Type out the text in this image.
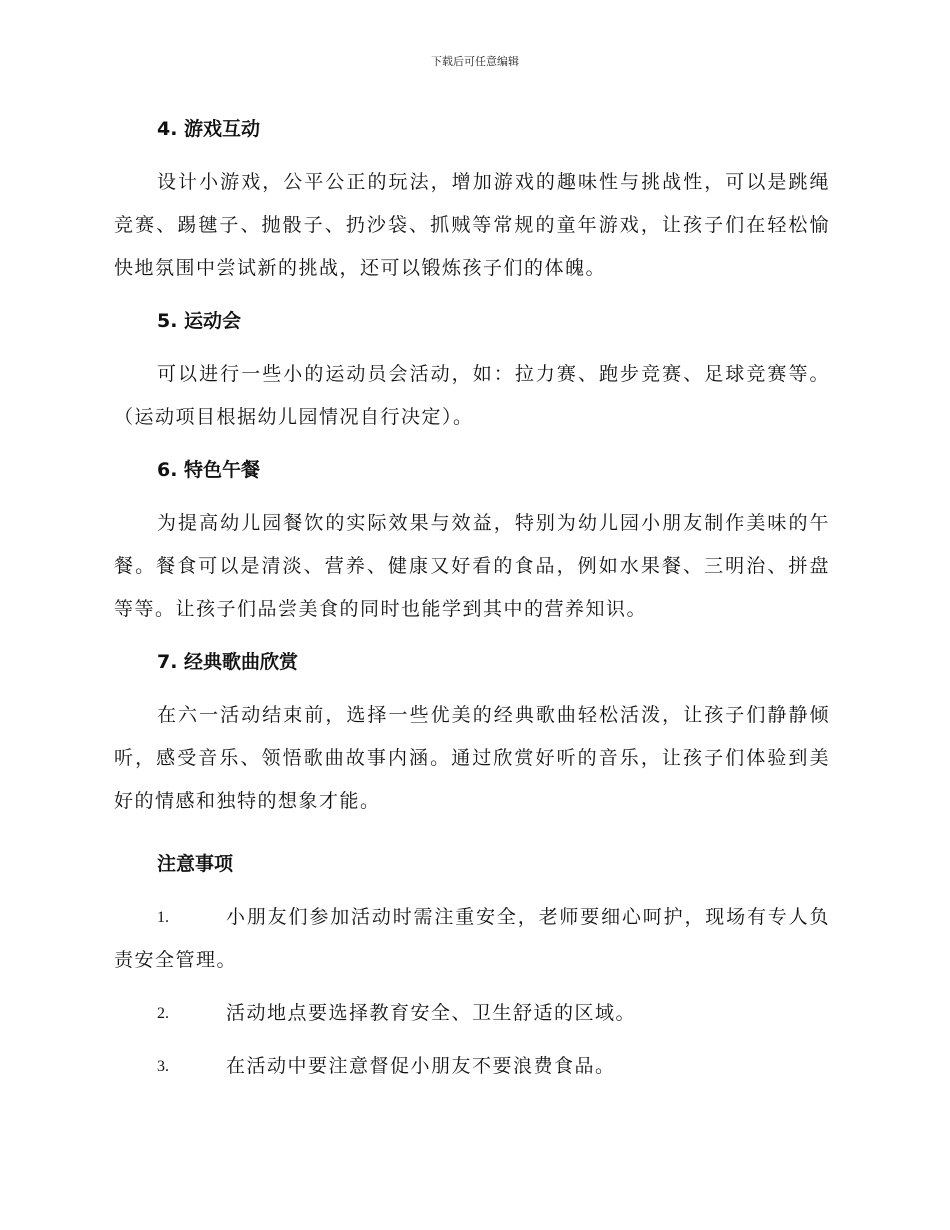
下载后可任意编辑
4. 游戏互动

设计小游戏，公平公正的玩法，增加游戏的趣味性与挑战性，可以是跳绳竞赛、踢毽子、抛骰子、扔沙袋、抓贼等常规的童年游戏，让孩子们在轻松愉快地氛围中尝试新的挑战，还可以锻炼孩子们的体魄。

5. 运动会

可以进行一些小的运动员会活动，如：拉力赛、跑步竞赛、足球竞赛等。（运动项目根据幼儿园情况自行决定）。

6. 特色午餐

为提高幼儿园餐饮的实际效果与效益，特别为幼儿园小朋友制作美味的午餐。餐食可以是清淡、营养、健康又好看的食品，例如水果餐、三明治、拼盘等等。让孩子们品尝美食的同时也能学到其中的营养知识。

7. 经典歌曲欣赏

在六一活动结束前，选择一些优美的经典歌曲轻松活泼，让孩子们静静倾听，感受音乐、领悟歌曲故事内涵。通过欣赏好听的音乐，让孩子们体验到美好的情感和独特的想象才能。

注意事项

1.	小朋友们参加活动时需注重安全，老师要细心呵护，现场有专人负责安全管理。

2.	活动地点要选择教育安全、卫生舒适的区域。

3.	在活动中要注意督促小朋友不要浪费食品。
